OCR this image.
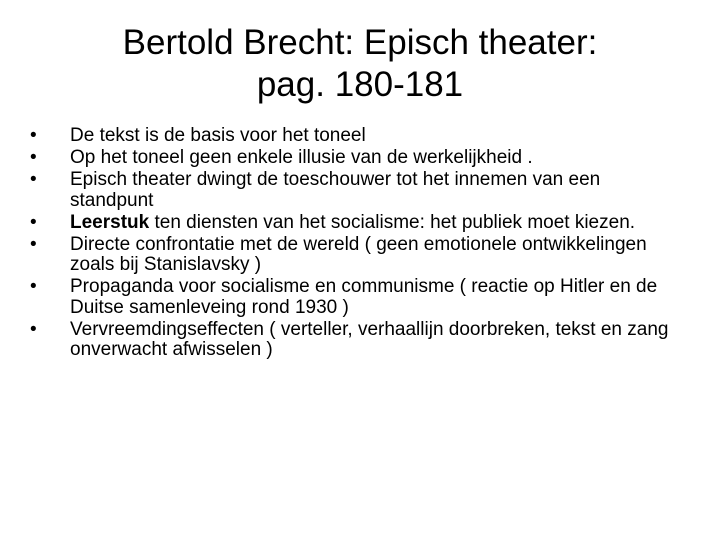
Bertold Brecht: Episch theater:
pag. 180-181
•	De tekst is de basis voor het toneel
•	Op het toneel geen enkele illusie van de werkelijkheid .
•	Episch theater dwingt de toeschouwer tot het innemen van een standpunt
•	Leerstuk ten diensten van het socialisme: het publiek moet kiezen.
•	Directe confrontatie met de wereld ( geen emotionele ontwikkelingen zoals bij Stanislavsky )
•	Propaganda voor socialisme en communisme ( reactie op Hitler en de Duitse samenleveing rond 1930 )
•	Vervreemdingseffecten ( verteller, verhaallijn doorbreken, tekst en zang onverwacht afwisselen )
